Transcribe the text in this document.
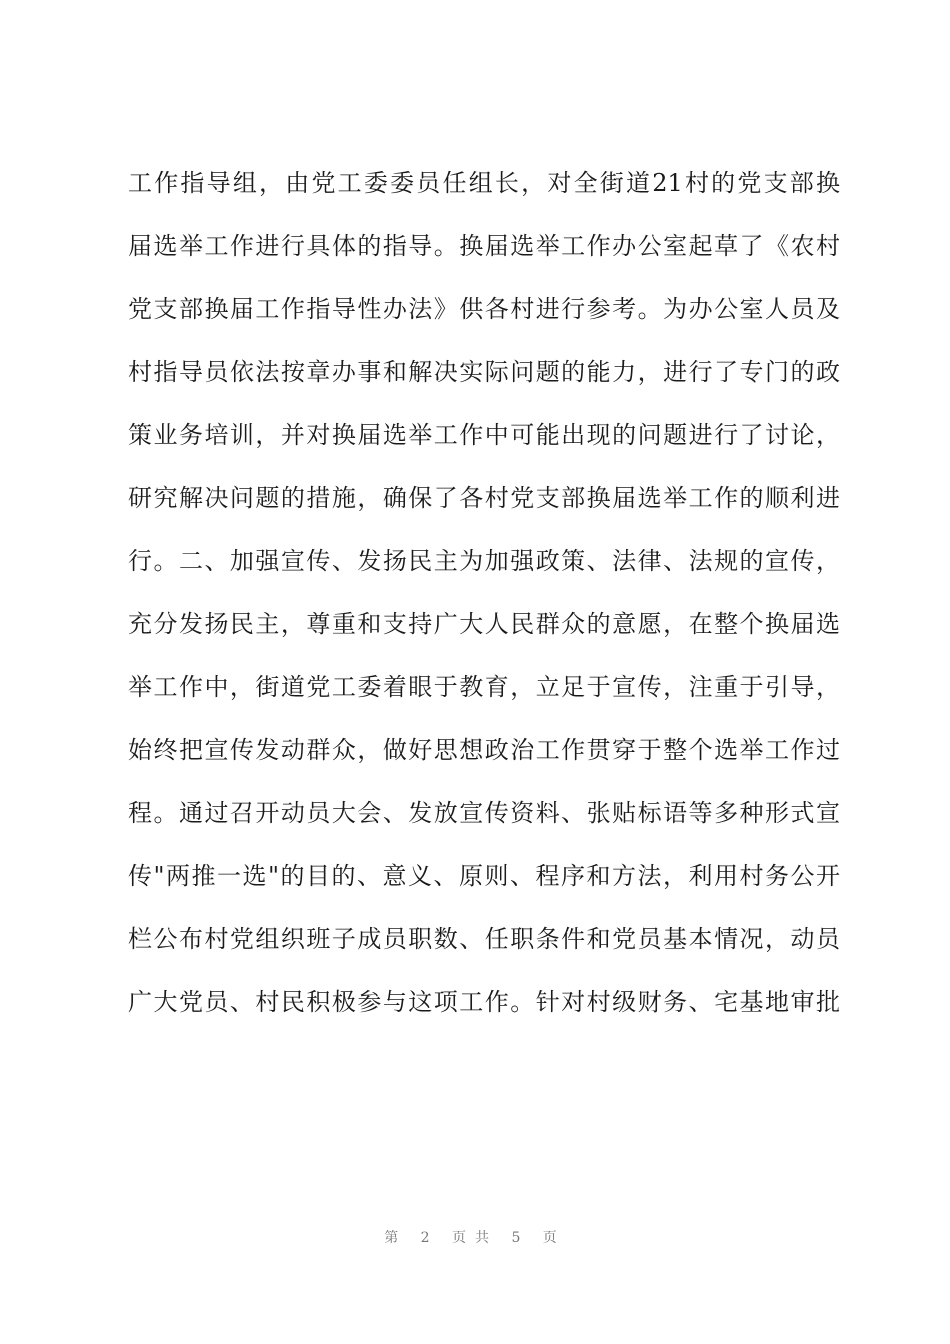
工作指导组，由党工委委员任组长，对全街道21村的党支部换
届选举工作进行具体的指导。换届选举工作办公室起草了《农村
党支部换届工作指导性办法》供各村进行参考。为办公室人员及
村指导员依法按章办事和解决实际问题的能力，进行了专门的政
策业务培训，并对换届选举工作中可能出现的问题进行了讨论，
研究解决问题的措施，确保了各村党支部换届选举工作的顺利进
行。二、加强宣传、发扬民主为加强政策、法律、法规的宣传，
充分发扬民主，尊重和支持广大人民群众的意愿，在整个换届选
举工作中，街道党工委着眼于教育，立足于宣传，注重于引导，
始终把宣传发动群众，做好思想政治工作贯穿于整个选举工作过
程。通过召开动员大会、发放宣传资料、张贴标语等多种形式宣
传"两推一选"的目的、意义、原则、程序和方法，利用村务公开
栏公布村党组织班子成员职数、任职条件和党员基本情况，动员
广大党员、村民积极参与这项工作。针对村级财务、宅基地审批
第 2 页共 5 页
